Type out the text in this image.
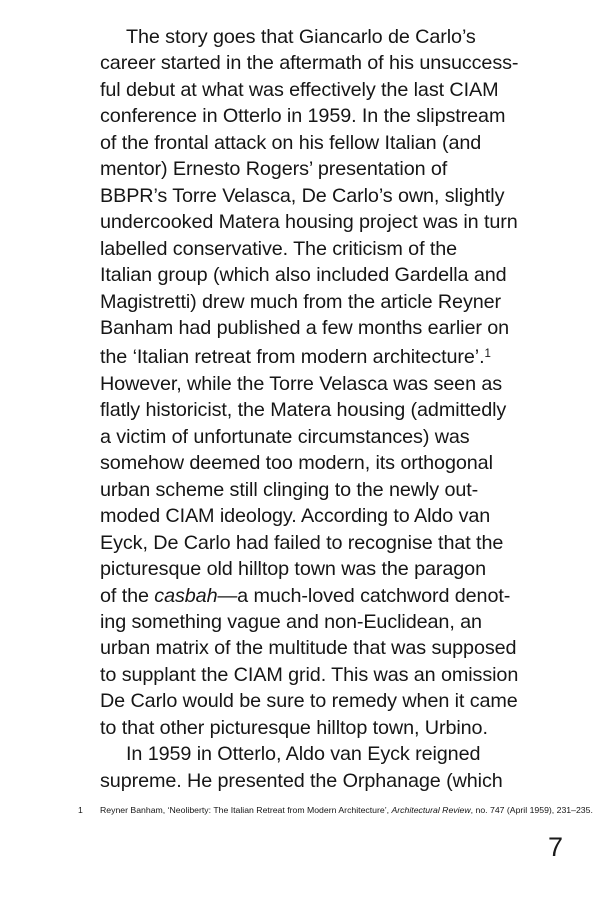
The story goes that Giancarlo de Carlo’s
career started in the aftermath of his unsuccess-
ful debut at what was effectively the last CIAM
conference in Otterlo in 1959. In the slipstream
of the frontal attack on his fellow Italian (and
mentor) Ernesto Rogers’ presentation of
BBPR’s Torre Velasca, De Carlo’s own, slightly
undercooked Matera housing project was in turn
labelled conservative. The criticism of the
Italian group (which also included Gardella and
Magistretti) drew much from the article Reyner
Banham had published a few months earlier on
the ‘Italian retreat from modern architecture’.$^1$
However, while the Torre Velasca was seen as
flatly historicist, the Matera housing (admittedly
a victim of unfortunate circumstances) was
somehow deemed too modern, its orthogonal
urban scheme still clinging to the newly out-
moded CIAM ideology. According to Aldo van
Eyck, De Carlo had failed to recognise that the
picturesque old hilltop town was the paragon
of the casbah—a much-loved catchword denot-
ing something vague and non-Euclidean, an
urban matrix of the multitude that was supposed
to supplant the CIAM grid. This was an omission
De Carlo would be sure to remedy when it came
to that other picturesque hilltop town, Urbino.
In 1959 in Otterlo, Aldo van Eyck reigned
supreme. He presented the Orphanage (which
1	Reyner Banham, ‘Neoliberty: The Italian Retreat from Modern Architecture’, Architectural Review, no. 747 (April 1959), 231–235.
7
